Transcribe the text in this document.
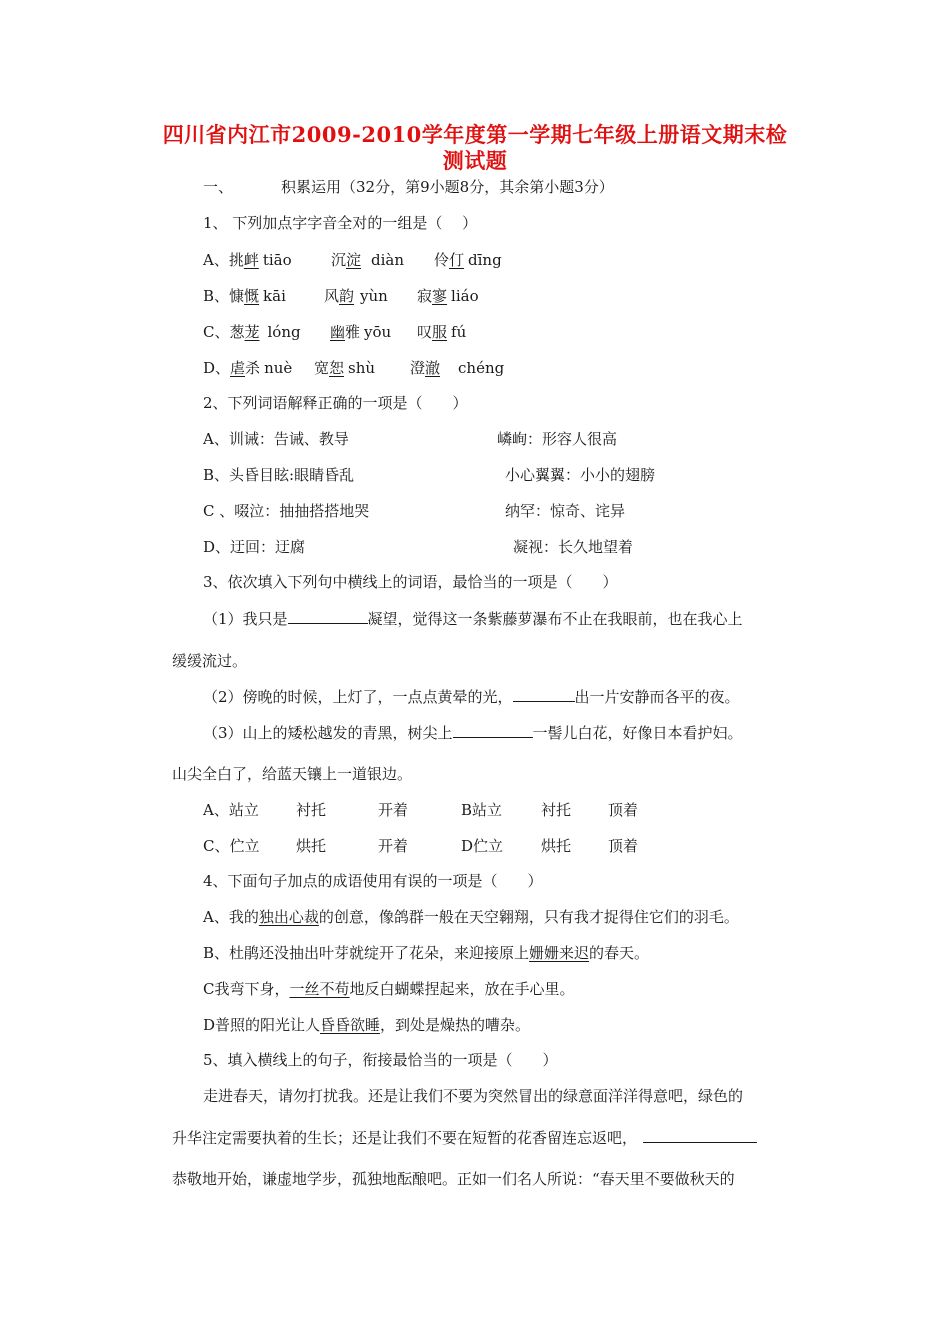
四川省内江市2009-2010学年度第一学期七年级上册语文期末检
测试题
一、	积累运用（32分，第9小题8分，其余第小题3分）
1、 下列加点字字音全对的一组是（　 ）
A、挑衅 tiāo	沉淀 diàn 伶仃 dīng
B、慷慨 kāi	风韵 yùn 寂寥 liáo
C、葱茏 lóng 幽雅 yōu 叹服 fú
D、虐杀 nuè 宽恕 shù 澄澈 chéng
2、下列词语解释正确的一项是（　　）
A、训诫：告诫、教导	嶙峋：形容人很高
B、头昏目眩:眼睛昏乱	小心翼翼：小小的翅膀
C 、啜泣：抽抽搭搭地哭	纳罕：惊奇、诧异
D、迂回：迂腐	凝视：长久地望着
3、依次填入下列句中横线上的词语，最恰当的一项是（　　）
（1）我只是	凝望，觉得这一条紫藤萝瀑布不止在我眼前，也在我心上
缓缓流过。
（2）傍晚的时候，上灯了，一点点黄晕的光，	出一片安静而各平的夜。
（3）山上的矮松越发的青黑，树尖上	一髻儿白花，好像日本看护妇。
山尖全白了，给蓝天镶上一道银边。
A、站立 衬托	开着	B站立	衬托 顶着
C、伫立 烘托	开着	D伫立	烘托 顶着
4、下面句子加点的成语使用有误的一项是（　　）
A、我的独出心裁的创意，像鸽群一般在天空翱翔，只有我才捉得住它们的羽毛。
B、杜鹃还没抽出叶芽就绽开了花朵，来迎接原上姗姗来迟的春天。
C我弯下身，一丝不苟地反白蝴蝶捏起来，放在手心里。
D普照的阳光让人昏昏欲睡，到处是燥热的嘈杂。
5、填入横线上的句子，衔接最恰当的一项是（　　）
走进春天，请勿打扰我。还是让我们不要为突然冒出的绿意面洋洋得意吧，绿色的
升华注定需要执着的生长；还是让我们不要在短暂的花香留连忘返吧，
恭敬地开始，谦虚地学步，孤独地酝酿吧。正如一们名人所说：“春天里不要做秋天的
